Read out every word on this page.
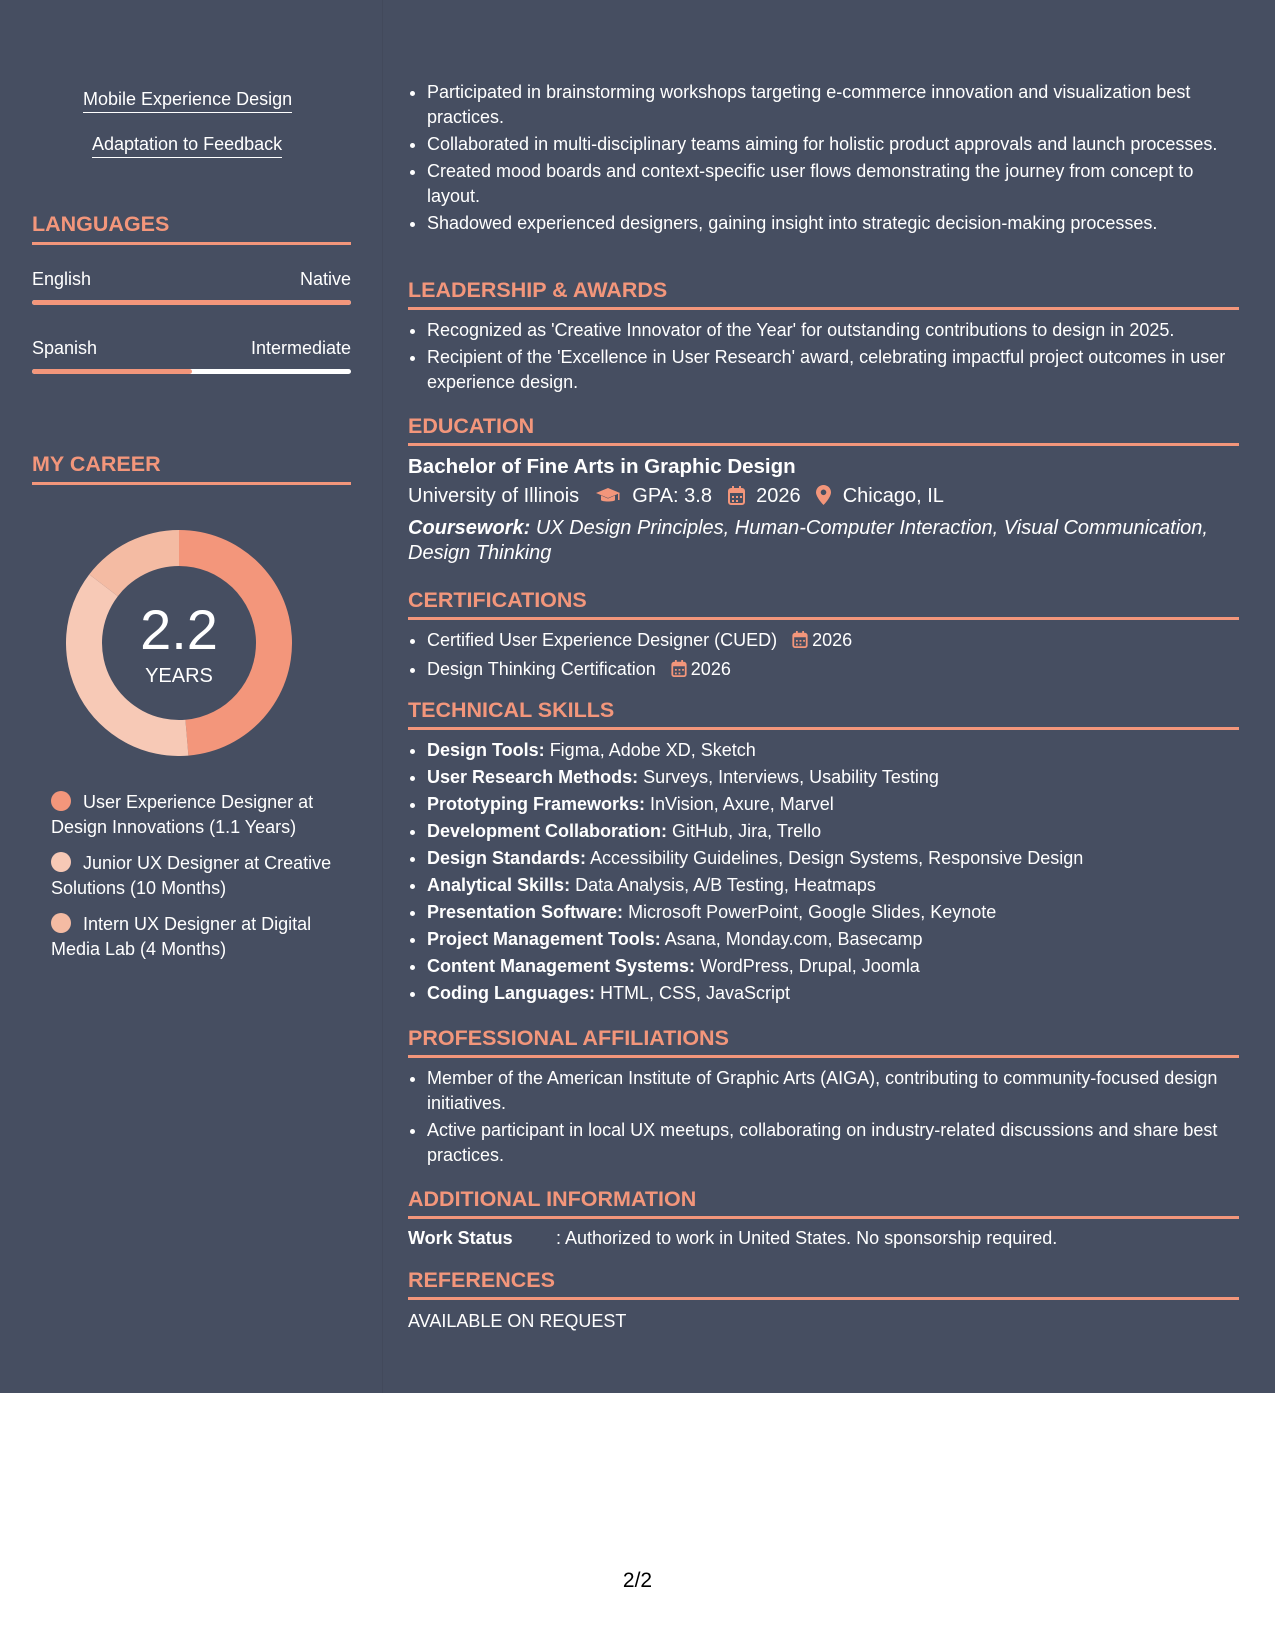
Mobile Experience Design
Adaptation to Feedback
LANGUAGES
English	Native
Spanish	Intermediate
MY CAREER
2.2
YEARS
User Experience Designer at Design Innovations (1.1 Years)
Junior UX Designer at Creative Solutions (10 Months)
Intern UX Designer at Digital Media Lab (4 Months)
• Participated in brainstorming workshops targeting e-commerce innovation and visualization best practices.
• Collaborated in multi-disciplinary teams aiming for holistic product approvals and launch processes.
• Created mood boards and context-specific user flows demonstrating the journey from concept to layout.
• Shadowed experienced designers, gaining insight into strategic decision-making processes.
LEADERSHIP & AWARDS
• Recognized as 'Creative Innovator of the Year' for outstanding contributions to design in 2025.
• Recipient of the 'Excellence in User Research' award, celebrating impactful project outcomes in user experience design.
EDUCATION
Bachelor of Fine Arts in Graphic Design
University of Illinois	GPA: 3.8 2026 Chicago, IL
Coursework: UX Design Principles, Human-Computer Interaction, Visual Communication, Design Thinking
CERTIFICATIONS
• Certified User Experience Designer (CUED) 2026
• Design Thinking Certification 2026
TECHNICAL SKILLS
• Design Tools: Figma, Adobe XD, Sketch
• User Research Methods: Surveys, Interviews, Usability Testing
• Prototyping Frameworks: InVision, Axure, Marvel
• Development Collaboration: GitHub, Jira, Trello
• Design Standards: Accessibility Guidelines, Design Systems, Responsive Design
• Analytical Skills: Data Analysis, A/B Testing, Heatmaps
• Presentation Software: Microsoft PowerPoint, Google Slides, Keynote
• Project Management Tools: Asana, Monday.com, Basecamp
• Content Management Systems: WordPress, Drupal, Joomla
• Coding Languages: HTML, CSS, JavaScript
PROFESSIONAL AFFILIATIONS
• Member of the American Institute of Graphic Arts (AIGA), contributing to community-focused design initiatives.
• Active participant in local UX meetups, collaborating on industry-related discussions and share best practices.
ADDITIONAL INFORMATION
Work Status : Authorized to work in United States. No sponsorship required.
REFERENCES
AVAILABLE ON REQUEST
2/2
